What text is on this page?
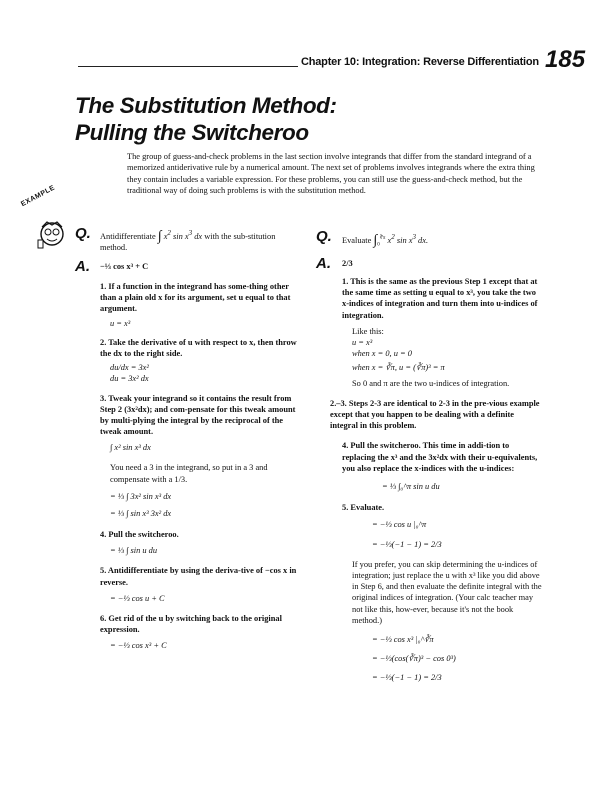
Chapter 10: Integration: Reverse Differentiation 185
The Substitution Method:
Pulling the Switcheroo
The group of guess-and-check problems in the last section involve integrands that differ from the standard integrand of a memorized antiderivative rule by a numerical amount. The next set of problems involves integrands where the extra thing they contain includes a variable expression. For these problems, you can still use the guess-and-check method, but the traditional way of doing such problems is with the substitution method.
EXAMPLE
Q. Antidifferentiate ∫ $x^2$ $\sin x^3$ dx with the sub-stitution method.
A. −⅓ cos x³ + C

1. If a function in the integrand has some-thing other than a plain old x for its argument, set u equal to that argument.

u = x³

2. Take the derivative of u with respect to x, then throw the dx to the right side.

du/dx = 3x²

du = 3x² dx

3. Tweak your integrand so it contains the result from Step 2 (3x²dx); and com-pensate for this tweak amount by multi-plying the integral by the reciprocal of the tweak amount.

∫ x² sin x³ dx

You need a 3 in the integrand, so put in a 3 and compensate with a 1/3.

= ⅓ ∫ 3x² sin x³ dx

= ⅓ ∫ sin x³ 3x² dx

4. Pull the switcheroo.

= ⅓ ∫ sin u du

5. Antidifferentiate by using the deriva-tive of −cos x in reverse.

= −⅓ cos u + C

6. Get rid of the u by switching back to the original expression.

= −⅓ cos x³ + C

Q. Evaluate $\int_0^{∛\pi}$ $x^2$ $\sin x^3$ dx.
A. 2/3

1. This is the same as the previous Step 1 except that at the same time as setting u equal to x³, you take the two x-indices of integration and turn them into u-indices of integration.

Like this:

u = x³

when x = 0, u = 0

when x = ∛π, u = (∛π)³ = π

So 0 and π are the two u-indices of integration.

2.–3. Steps 2-3 are identical to 2-3 in the pre-vious example except that you happen to be dealing with a definite integral in this problem.

4. Pull the switcheroo. This time in addi-tion to replacing the x³ and the 3x²dx with their u-equivalents, you also replace the x-indices with the u-indices:

= ⅓ ∫₀^π sin u du

5. Evaluate.

= −⅓ cos u |₀^π

= −⅓(−1 − 1) = 2/3

If you prefer, you can skip determining the u-indices of integration; just replace the u with x³ like you did above in Step 6, and then evaluate the definite integral with the original indices of integration. (Your calc teacher may not like this, how-ever, because it's not the book method.)

= −⅓ cos x³ |₀^∛π

= −⅓(cos(∛π)³ − cos 0³)

= −⅓(−1 − 1) = 2/3
